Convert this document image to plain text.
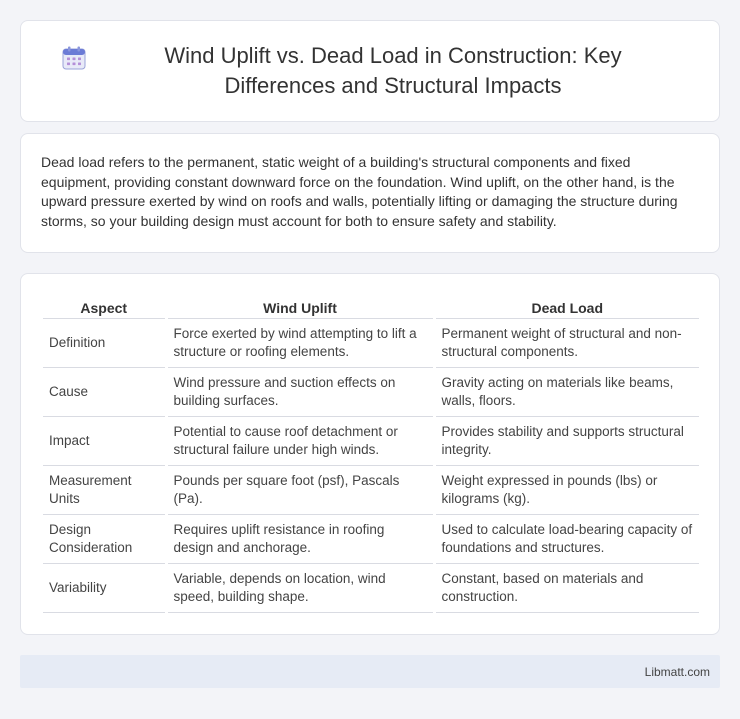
Wind Uplift vs. Dead Load in Construction: Key Differences and Structural Impacts

Dead load refers to the permanent, static weight of a building's structural components and fixed equipment, providing constant downward force on the foundation. Wind uplift, on the other hand, is the upward pressure exerted by wind on roofs and walls, potentially lifting or damaging the structure during storms, so your building design must account for both to ensure safety and stability.

Aspect	Wind Uplift	Dead Load
Definition	Force exerted by wind attempting to lift a structure or roofing elements.	Permanent weight of structural and non-structural components.
Cause	Wind pressure and suction effects on building surfaces.	Gravity acting on materials like beams, walls, floors.
Impact	Potential to cause roof detachment or structural failure under high winds.	Provides stability and supports structural integrity.
Measurement Units	Pounds per square foot (psf), Pascals (Pa).	Weight expressed in pounds (lbs) or kilograms (kg).
Design Consideration	Requires uplift resistance in roofing design and anchorage.	Used to calculate load-bearing capacity of foundations and structures.
Variability	Variable, depends on location, wind speed, building shape.	Constant, based on materials and construction.
Libmatt.com
